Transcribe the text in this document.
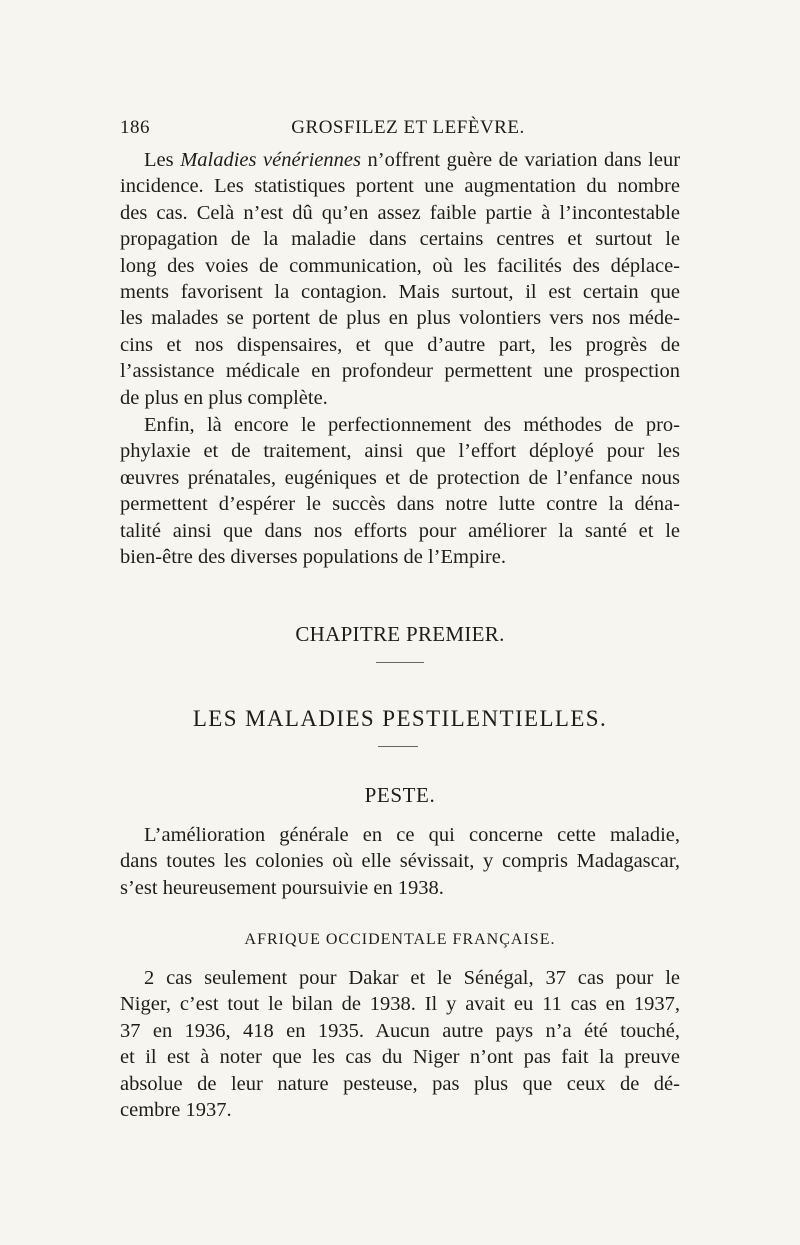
186	GROSFILEZ ET LEFÈVRE.
Les Maladies vénériennes n’offrent guère de variation dans leur
incidence. Les statistiques portent une augmentation du nombre
des cas. Celà n’est dû qu’en assez faible partie à l’incontestable
propagation de la maladie dans certains centres et surtout le
long des voies de communication, où les facilités des déplace-
ments favorisent la contagion. Mais surtout, il est certain que
les malades se portent de plus en plus volontiers vers nos méde-
cins et nos dispensaires, et que d’autre part, les progrès de
l’assistance médicale en profondeur permettent une prospection
de plus en plus complète.
Enfin, là encore le perfectionnement des méthodes de pro-
phylaxie et de traitement, ainsi que l’effort déployé pour les
œuvres prénatales, eugéniques et de protection de l’enfance nous
permettent d’espérer le succès dans notre lutte contre la déna-
talité ainsi que dans nos efforts pour améliorer la santé et le
bien-être des diverses populations de l’Empire.
CHAPITRE PREMIER.
LES MALADIES PESTILENTIELLES.
PESTE.
L’amélioration générale en ce qui concerne cette maladie,
dans toutes les colonies où elle sévissait, y compris Madagascar,
s’est heureusement poursuivie en 1938.
AFRIQUE OCCIDENTALE FRANÇAISE.
2 cas seulement pour Dakar et le Sénégal, 37 cas pour le
Niger, c’est tout le bilan de 1938. Il y avait eu 11 cas en 1937,
37 en 1936, 418 en 1935. Aucun autre pays n’a été touché,
et il est à noter que les cas du Niger n’ont pas fait la preuve
absolue de leur nature pesteuse, pas plus que ceux de dé-
cembre 1937.
